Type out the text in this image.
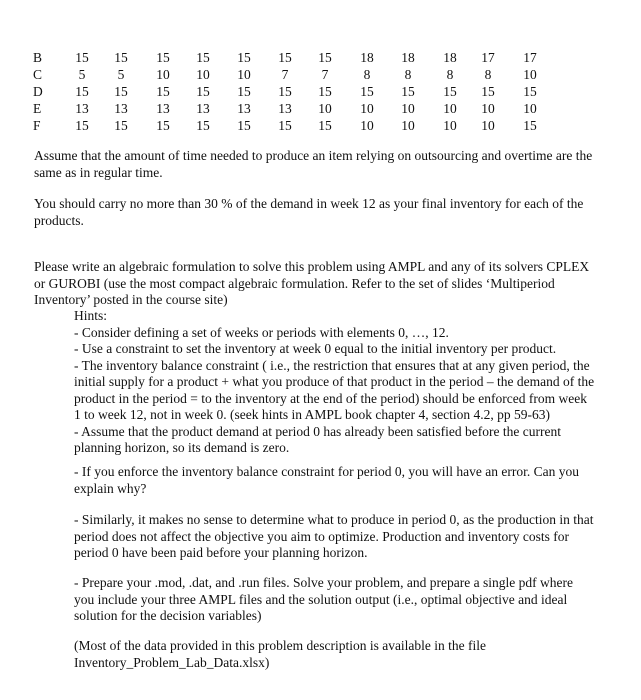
B	15	15	15	15	15	15	15	18	18	18	17	17
C	5	5	10	10	10	7	7	8	8	8	8	10
D	15	15	15	15	15	15	15	15	15	15	15	15
E	13	13	13	13	13	13	10	10	10	10	10	10
F	15	15	15	15	15	15	15	10	10	10	10	15
Assume that the amount of time needed to produce an item relying on outsourcing and overtime are the
same as in regular time.
You should carry no more than 30 % of the demand in week 12 as your final inventory for each of the
products.
Please write an algebraic formulation to solve this problem using AMPL and any of its solvers CPLEX
or GUROBI (use the most compact algebraic formulation. Refer to the set of slides ‘Multiperiod
Inventory’ posted in the course site)
Hints:
- Consider defining a set of weeks or periods with elements 0, …, 12.
- Use a constraint to set the inventory at week 0 equal to the initial inventory per product.
- The inventory balance constraint ( i.e., the restriction that ensures that at any given period, the
initial supply for a product + what you produce of that product in the period – the demand of the
product in the period = to the inventory at the end of the period) should be enforced from week
1 to week 12, not in week 0. (seek hints in AMPL book chapter 4, section 4.2, pp 59-63)
- Assume that the product demand at period 0 has already been satisfied before the current
planning horizon, so its demand is zero.
- If you enforce the inventory balance constraint for period 0, you will have an error. Can you
explain why?
- Similarly, it makes no sense to determine what to produce in period 0, as the production in that
period does not affect the objective you aim to optimize. Production and inventory costs for
period 0 have been paid before your planning horizon.
- Prepare your .mod, .dat, and .run files. Solve your problem, and prepare a single pdf where
you include your three AMPL files and the solution output (i.e., optimal objective and ideal
solution for the decision variables)
(Most of the data provided in this problem description is available in the file
Inventory_Problem_Lab_Data.xlsx)
